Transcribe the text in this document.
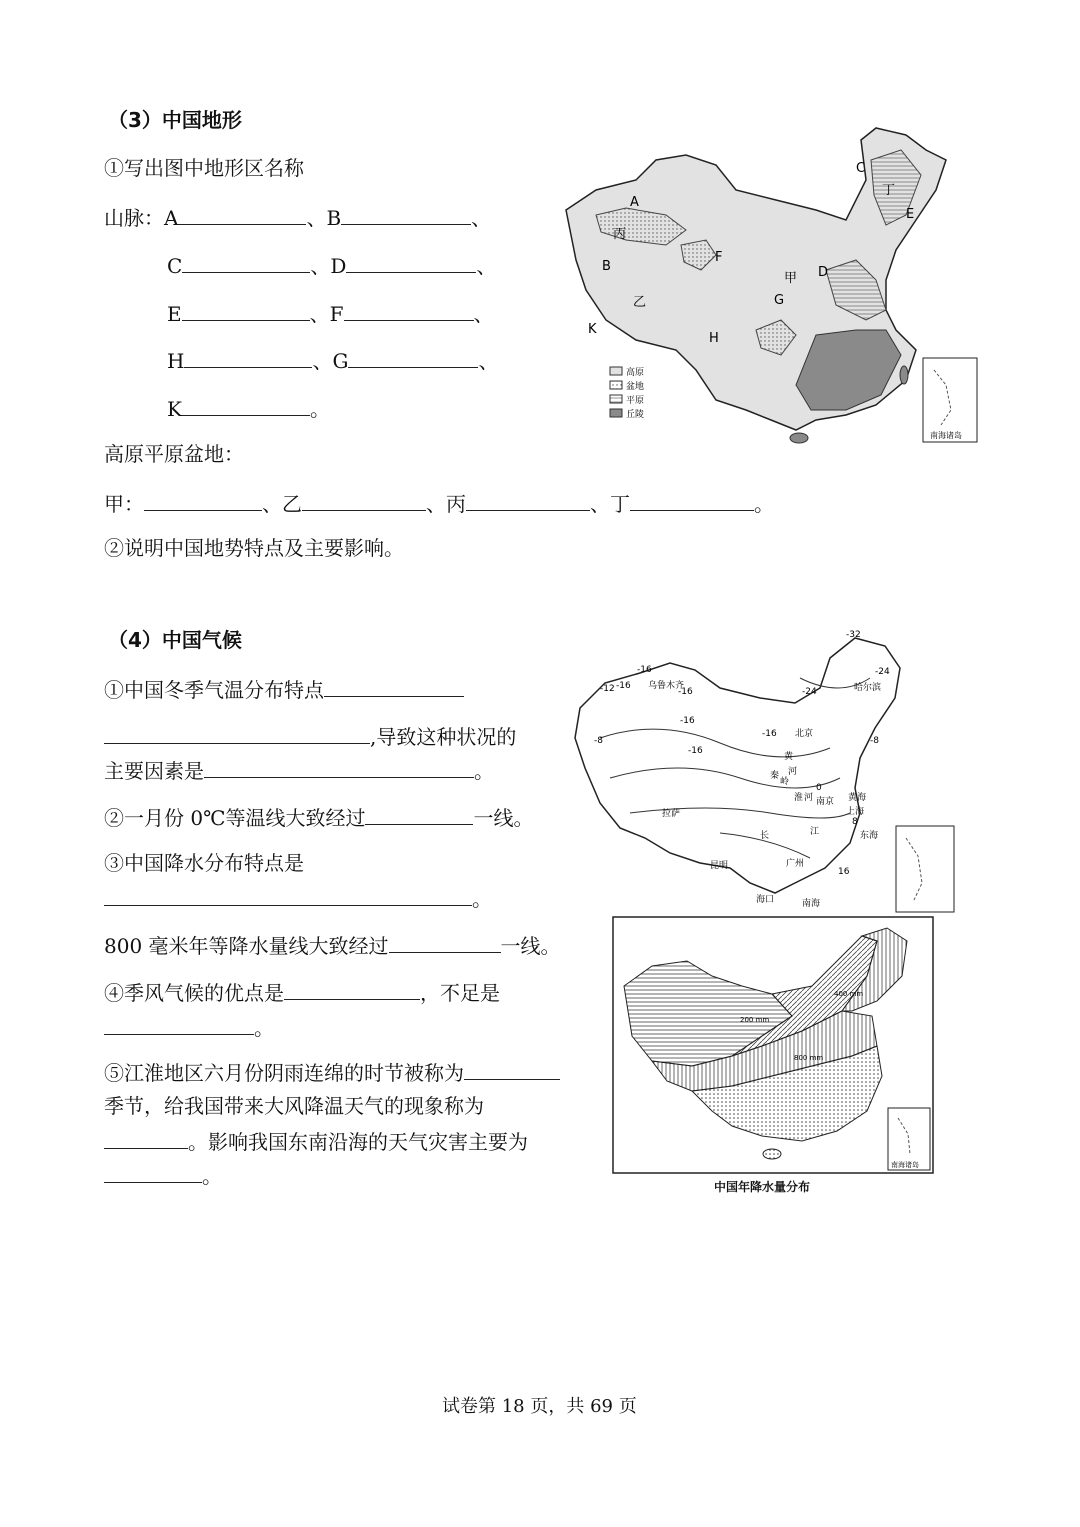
（3）中国地形
①写出图中地形区名称
山脉：A	、B	、
C	、D	、
E	、F	、
H	、G	、
K	。
高原平原盆地：
甲：	、乙	、丙	、丁	。
②说明中国地势特点及主要影响。
A
丙
B
乙
K
F
H
甲
G
D
C
丁
E
高原
盆地
平原
丘陵
南海诸岛
（4）中国气候
①中国冬季气温分布特点
,导致这种状况的
主要因素是	。
②一月份 0℃等温线大致经过	一线。
③中国降水分布特点是
。
800 毫米年等降水量线大致经过	一线。
④季风气候的优点是	，不足是
。
⑤江淮地区六月份阴雨连绵的时节被称为
季节，给我国带来大风降温天气的现象称为
。影响我国东南沿海的天气灾害主要为
。
-32
-24
-16
-24
-12 -16 乌鲁木齐
-16
-16
哈尔滨
-8
北京
-16
-8
-16
黄
河
秦
岭
淮 河
0
南京 黄海
上海
长	江	东海
8
拉萨
昆明	广州
16
海口	南海
200 mm
400 mm
800 mm
南海诸岛
中国年降水量分布
试卷第 18 页，共 69 页
